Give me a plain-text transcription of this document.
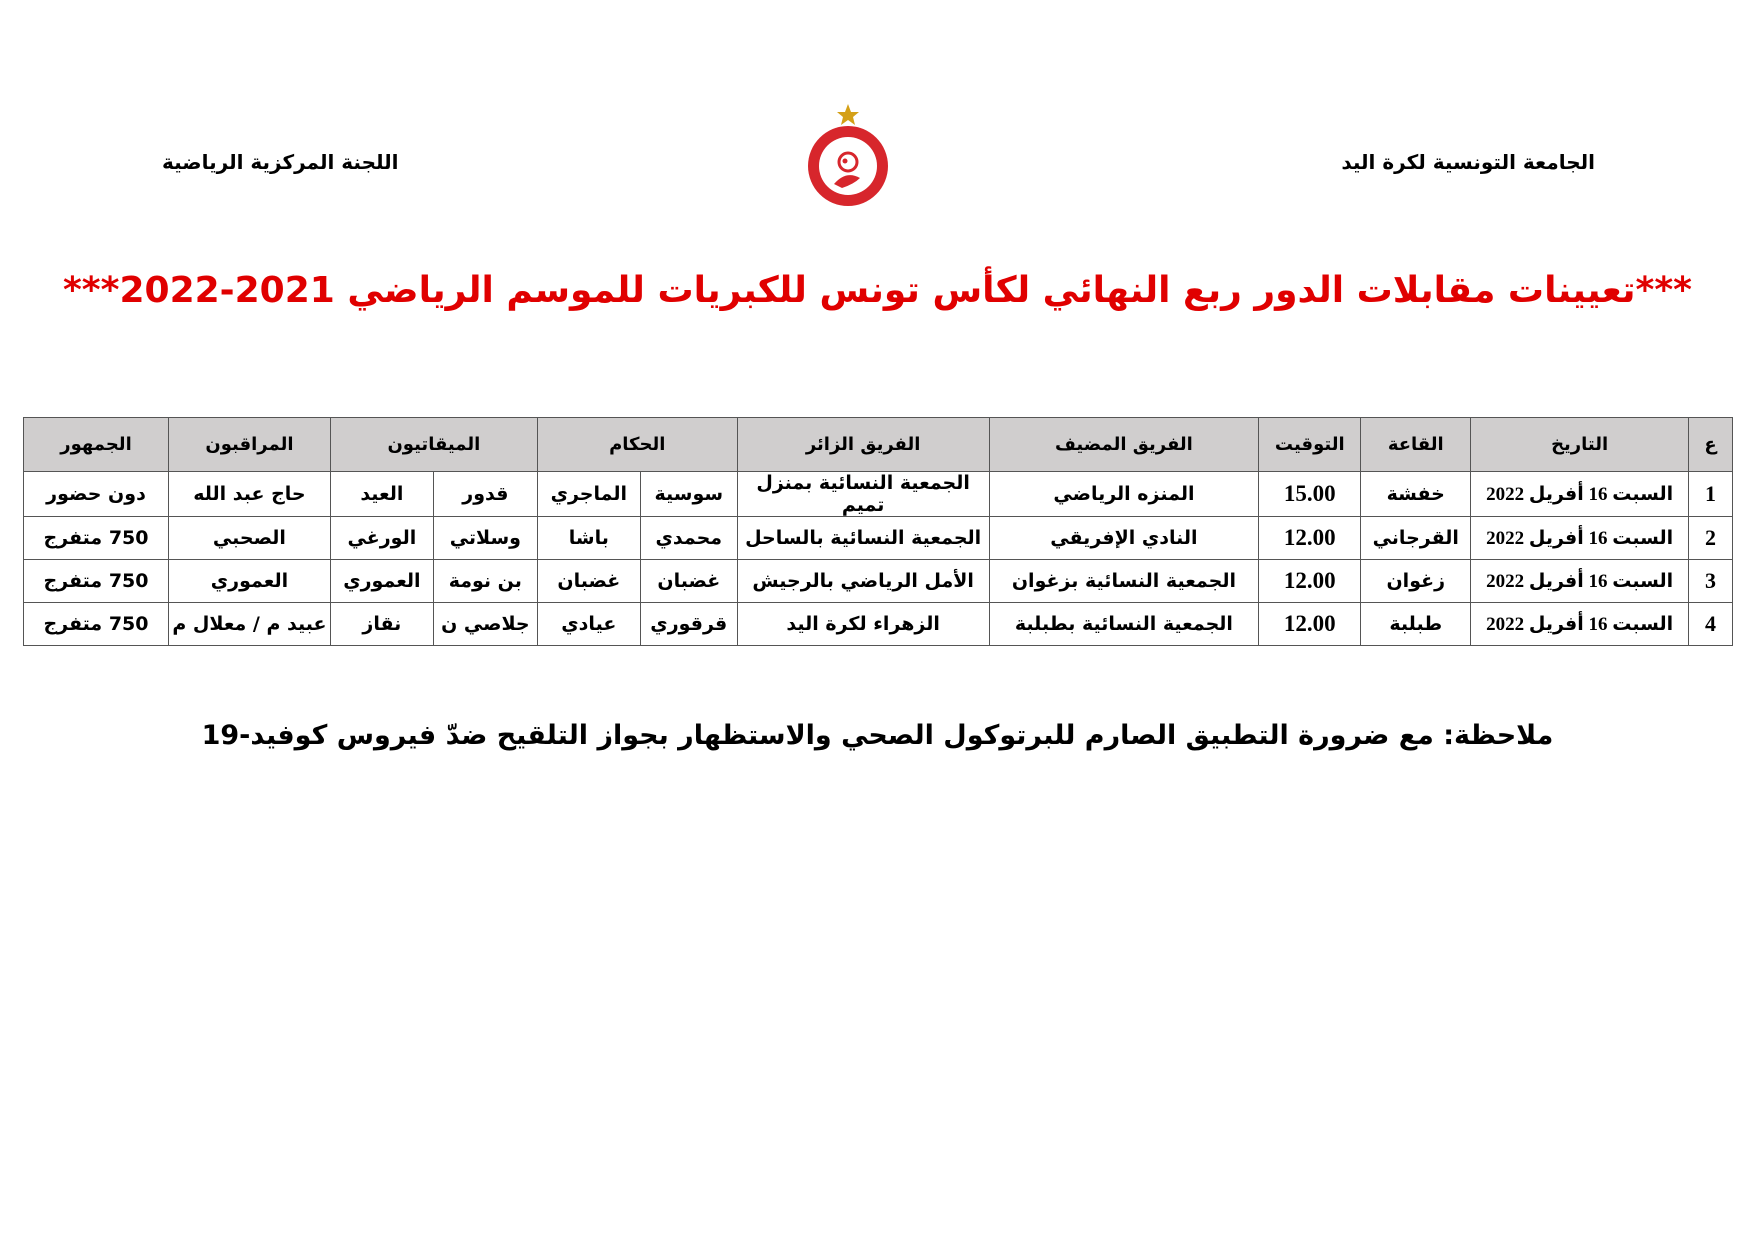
الجامعة التونسية لكرة اليد
اللجنة المركزية الرياضية
***تعيينات مقابلات الدور ربع النهائي لكأس تونس للكبريات للموسم الرياضي 2021-2022***
ع	التاريخ	القاعة	التوقيت	الفريق المضيف	الفريق الزائر	الحكام		الميقاتيون		المراقبون	الجمهور
1	السبت 16 أفريل 2022	خفشة	15.00	المنزه الرياضي	الجمعية النسائية بمنزل تميم	سوسية	الماجري	قدور	العيد	حاج عبد الله	دون حضور
2	السبت 16 أفريل 2022	القرجاني	12.00	النادي الإفريقي	الجمعية النسائية بالساحل	محمدي	باشا	وسلاتي	الورغي	الصحبي	750 متفرج
3	السبت 16 أفريل 2022	زغوان	12.00	الجمعية النسائية بزغوان	الأمل الرياضي بالرجيش	غضبان	غضبان	بن نومة	العموري	العموري	750 متفرج
4	السبت 16 أفريل 2022	طبلبة	12.00	الجمعية النسائية بطبلبة	الزهراء لكرة اليد	قرقوري	عيادي	جلاصي ن	نقاز	عبيد م / معلال م	750 متفرج
ملاحظة: مع ضرورة التطبيق الصارم للبرتوكول الصحي والاستظهار بجواز التلقيح ضدّ فيروس كوفيد-19
